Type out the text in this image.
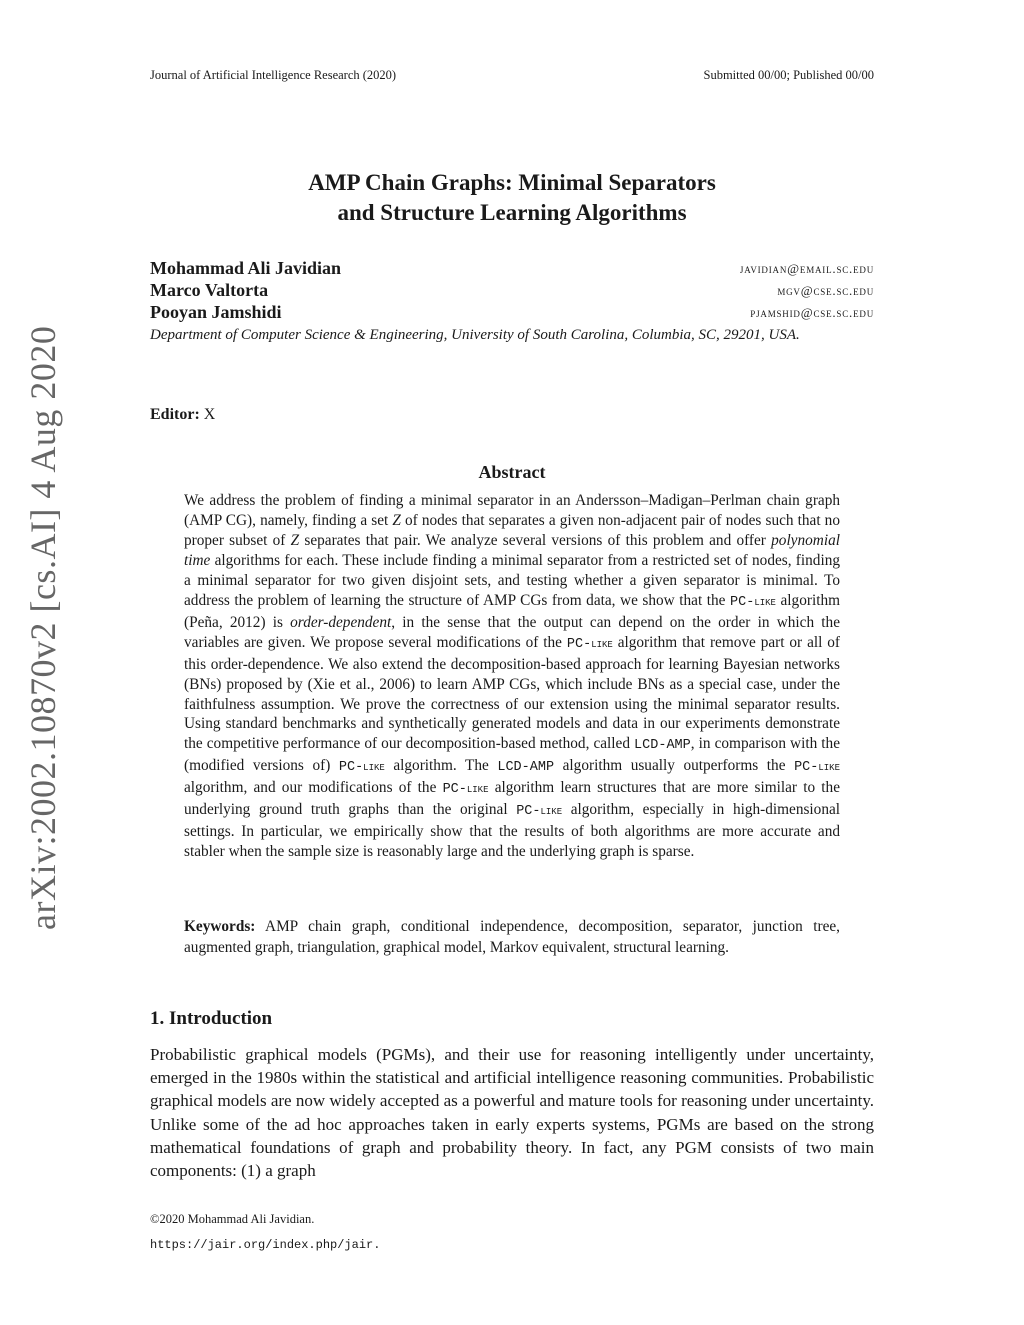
Journal of Artificial Intelligence Research (2020)	Submitted 00/00; Published 00/00
arXiv:2002.10870v2 [cs.AI] 4 Aug 2020
AMP Chain Graphs: Minimal Separators
and Structure Learning Algorithms
Mohammad Ali Javidian	javidian@email.sc.edu
Marco Valtorta	mgv@cse.sc.edu
Pooyan Jamshidi	pjamshid@cse.sc.edu
Department of Computer Science & Engineering, University of South Carolina, Columbia, SC, 29201, USA.
Editor: X
Abstract
We address the problem of finding a minimal separator in an Andersson–Madigan–Perlman chain graph (AMP CG), namely, finding a set Z of nodes that separates a given non-adjacent pair of nodes such that no proper subset of Z separates that pair. We analyze several versions of this problem and offer polynomial time algorithms for each. These include finding a minimal separator from a restricted set of nodes, finding a minimal separator for two given disjoint sets, and testing whether a given separator is minimal. To address the problem of learning the structure of AMP CGs from data, we show that the PC-like algorithm (Peña, 2012) is order-dependent, in the sense that the output can depend on the order in which the variables are given. We propose several modifications of the PC-like algorithm that remove part or all of this order-dependence. We also extend the decomposition-based approach for learning Bayesian networks (BNs) proposed by (Xie et al., 2006) to learn AMP CGs, which include BNs as a special case, under the faithfulness assumption. We prove the correctness of our extension using the minimal separator results. Using standard benchmarks and synthetically generated models and data in our experiments demonstrate the competitive performance of our decomposition-based method, called LCD-AMP, in comparison with the (modified versions of) PC-like algorithm. The LCD-AMP algorithm usually outperforms the PC-like algorithm, and our modifications of the PC-like algorithm learn structures that are more similar to the underlying ground truth graphs than the original PC-like algorithm, especially in high-dimensional settings. In particular, we empirically show that the results of both algorithms are more accurate and stabler when the sample size is reasonably large and the underlying graph is sparse.
Keywords: AMP chain graph, conditional independence, decomposition, separator, junction tree, augmented graph, triangulation, graphical model, Markov equivalent, structural learning.
1. Introduction
Probabilistic graphical models (PGMs), and their use for reasoning intelligently under uncertainty, emerged in the 1980s within the statistical and artificial intelligence reasoning communities. Probabilistic graphical models are now widely accepted as a powerful and mature tools for reasoning under uncertainty. Unlike some of the ad hoc approaches taken in early experts systems, PGMs are based on the strong mathematical foundations of graph and probability theory. In fact, any PGM consists of two main components: (1) a graph
©2020 Mohammad Ali Javidian.
https://jair.org/index.php/jair.
